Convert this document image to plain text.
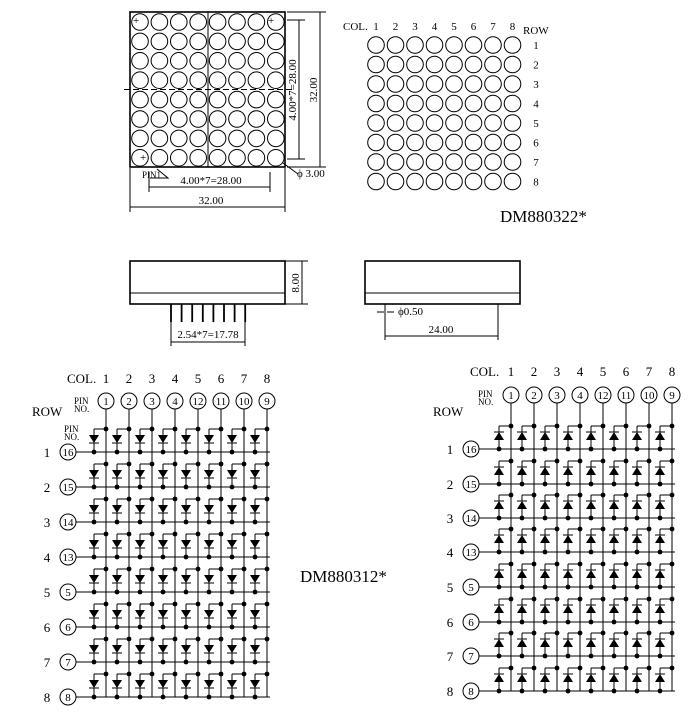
+	+
+
4.00*7=28.00 32.00
4.00*7=28.00
32.00
PIN1	ϕ 3.00
COL.	ROW
1 2 3 4 5 6 7 8
1
2
3
4
5
6
7
8
DM880322*
8.00
2.54*7=17.78
ϕ0.50
24.00
COL.
ROW
PIN
NO.
PIN
NO.
1 2 3 4 5 6 7 8
1
2
3
4
5
6
7
8
1 2 3 4 12 11 10 9
16
15
14
13
5
6
7
8
DM880312*
COL.
ROW
PIN
NO.
1 2 3 4 5 6 7 8
1
2
3
4
5
6
7
8
1 2 3 4 12 11 10 9
16
15
14
13
5
6
7
8
